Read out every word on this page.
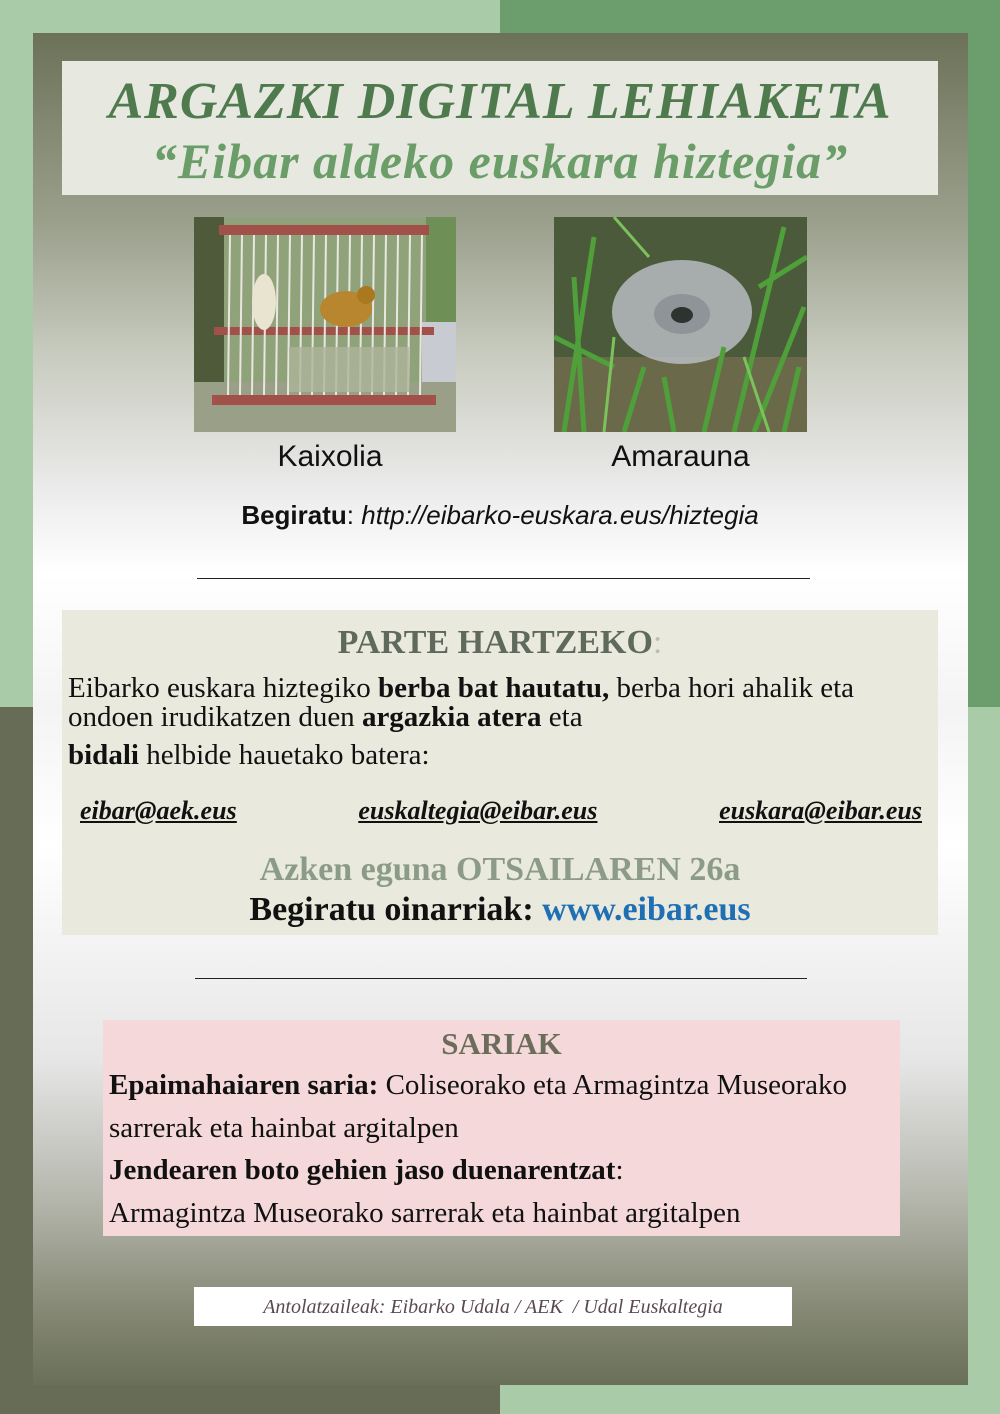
ARGAZKI DIGITAL LEHIAKETA
“Eibar aldeko euskara hiztegia”
Kaixolia	Amarauna
Begiratu: http://eibarko-euskara.eus/hiztegia
PARTE HARTZEKO:
Eibarko euskara hiztegiko berba bat hautatu, berba hori ahalik eta ondoen irudikatzen duen argazkia atera eta
bidali helbide hauetako batera:
eibar@aek.eus	euskaltegia@eibar.eus	euskara@eibar.eus
Azken eguna OTSAILAREN 26a
Begiratu oinarriak: www.eibar.eus
SARIAK
Epaimahaiaren saria: Coliseorako eta Armagintza Museorako sarrerak eta hainbat argitalpen
Jendearen boto gehien jaso duenarentzat:
Armagintza Museorako sarrerak eta hainbat argitalpen
Antolatzaileak: Eibarko Udala / AEK  / Udal Euskaltegia
